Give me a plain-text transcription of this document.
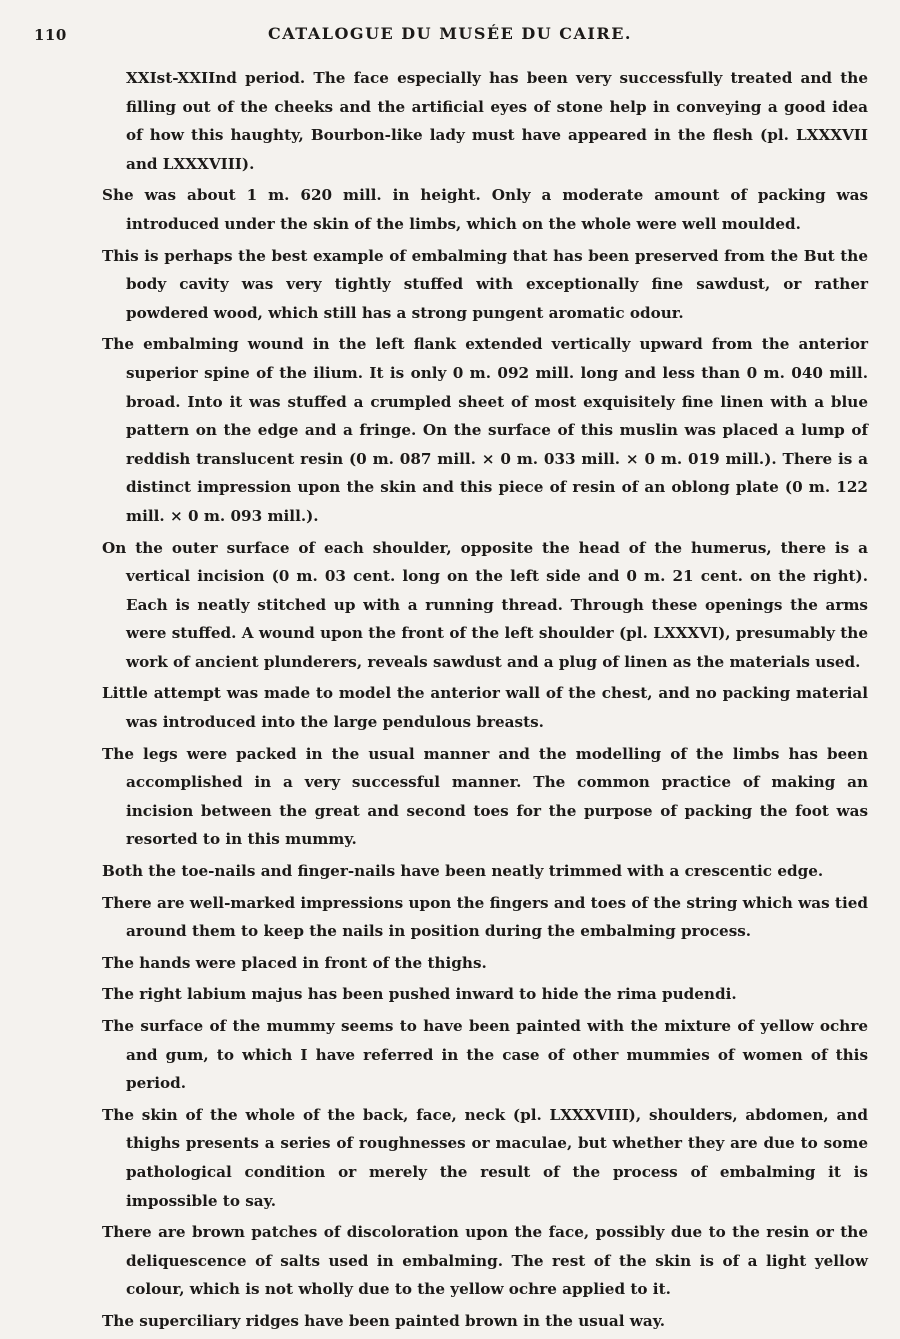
110	CATALOGUE DU MUSÉE DU CAIRE.

XXIst-XXIInd period. The face especially has been very successfully treated and the filling out of the cheeks and the artificial eyes of stone help in conveying a good idea of how this haughty, Bourbon-like lady must have appeared in the flesh (pl. LXXXVII and LXXXVIII).

She was about 1 m. 620 mill. in height. Only a moderate amount of packing was introduced under the skin of the limbs, which on the whole were well moulded.

This is perhaps the best example of embalming that has been preserved from the But the body cavity was very tightly stuffed with exceptionally fine sawdust, or rather powdered wood, which still has a strong pungent aromatic odour.

The embalming wound in the left flank extended vertically upward from the anterior superior spine of the ilium. It is only 0 m. 092 mill. long and less than 0 m. 040 mill. broad. Into it was stuffed a crumpled sheet of most exquisitely fine linen with a blue pattern on the edge and a fringe. On the surface of this muslin was placed a lump of reddish translucent resin (0 m. 087 mill. × 0 m. 033 mill. × 0 m. 019 mill.). There is a distinct impression upon the skin and this piece of resin of an oblong plate (0 m. 122 mill. × 0 m. 093 mill.).

On the outer surface of each shoulder, opposite the head of the humerus, there is a vertical incision (0 m. 03 cent. long on the left side and 0 m. 21 cent. on the right). Each is neatly stitched up with a running thread. Through these openings the arms were stuffed. A wound upon the front of the left shoulder (pl. LXXXVI), presumably the work of ancient plunderers, reveals sawdust and a plug of linen as the materials used.

Little attempt was made to model the anterior wall of the chest, and no packing material was introduced into the large pendulous breasts.

The legs were packed in the usual manner and the modelling of the limbs has been accomplished in a very successful manner. The common practice of making an incision between the great and second toes for the purpose of packing the foot was resorted to in this mummy.

Both the toe-nails and finger-nails have been neatly trimmed with a crescentic edge.

There are well-marked impressions upon the fingers and toes of the string which was tied around them to keep the nails in position during the embalming process.

The hands were placed in front of the thighs.

The right labium majus has been pushed inward to hide the rima pudendi.

The surface of the mummy seems to have been painted with the mixture of yellow ochre and gum, to which I have referred in the case of other mummies of women of this period.

The skin of the whole of the back, face, neck (pl. LXXXVIII), shoulders, abdomen, and thighs presents a series of roughnesses or maculae, but whether they are due to some pathological condition or merely the result of the process of embalming it is impossible to say.

There are brown patches of discoloration upon the face, possibly due to the resin or the deliquescence of salts used in embalming. The rest of the skin is of a light yellow colour, which is not wholly due to the yellow ochre applied to it.

The superciliary ridges have been painted brown in the usual way.
